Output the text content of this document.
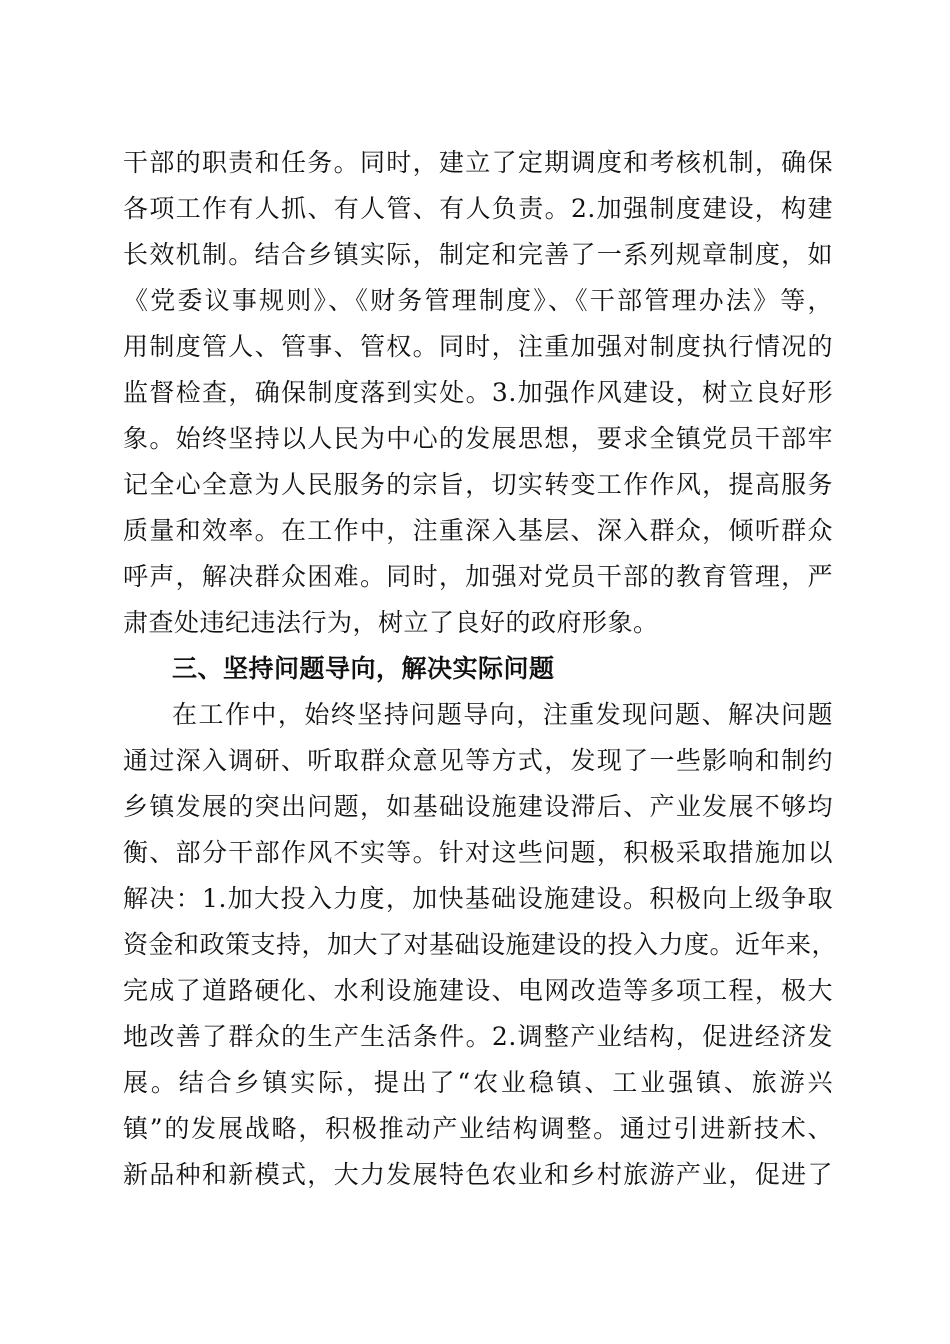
干部的职责和任务。同时，建立了定期调度和考核机制，确保
各项工作有人抓、有人管、有人负责。2.加强制度建设，构建
长效机制。结合乡镇实际，制定和完善了一系列规章制度，如
《党委议事规则》、《财务管理制度》、《干部管理办法》等，
用制度管人、管事、管权。同时，注重加强对制度执行情况的
监督检查，确保制度落到实处。3.加强作风建设，树立良好形
象。始终坚持以人民为中心的发展思想，要求全镇党员干部牢
记全心全意为人民服务的宗旨，切实转变工作作风，提高服务
质量和效率。在工作中，注重深入基层、深入群众，倾听群众
呼声，解决群众困难。同时，加强对党员干部的教育管理，严
肃查处违纪违法行为，树立了良好的政府形象。
三、坚持问题导向，解决实际问题
在工作中，始终坚持问题导向，注重发现问题、解决问题
通过深入调研、听取群众意见等方式，发现了一些影响和制约
乡镇发展的突出问题，如基础设施建设滞后、产业发展不够均
衡、部分干部作风不实等。针对这些问题，积极采取措施加以
解决：1.加大投入力度，加快基础设施建设。积极向上级争取
资金和政策支持，加大了对基础设施建设的投入力度。近年来，
完成了道路硬化、水利设施建设、电网改造等多项工程，极大
地改善了群众的生产生活条件。2.调整产业结构，促进经济发
展。结合乡镇实际，提出了“农业稳镇、工业强镇、旅游兴
镇”的发展战略，积极推动产业结构调整。通过引进新技术、
新品种和新模式，大力发展特色农业和乡村旅游产业，促进了
